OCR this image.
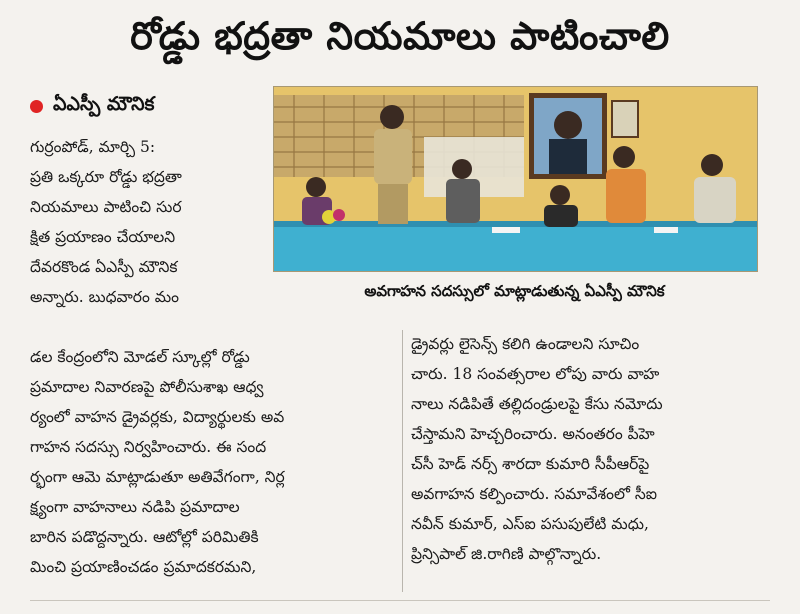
రోడ్డు భద్రతా నియమాలు పాటించాలి
ఏఎస్పీ మౌనిక
అవగాహన సదస్సులో మాట్లాడుతున్న ఏఎస్పీ మౌనిక
గుర్రంపోడ్, మార్చి 5:
ప్రతి ఒక్కరూ రోడ్డు భద్రతా
నియమాలు పాటించి సుర
క్షిత ప్రయాణం చేయాలని
దేవరకొండ ఏఎస్పీ మౌనిక
అన్నారు. బుధవారం మం
డల కేంద్రంలోని మోడల్ స్కూల్లో రోడ్డు
ప్రమాదాల నివారణపై పోలీసుశాఖ ఆధ్వ
ర్యంలో వాహన డ్రైవర్లకు, విద్యార్థులకు అవ
గాహన సదస్సు నిర్వహించారు. ఈ సంద
ర్భంగా ఆమె మాట్లాడుతూ అతివేగంగా, నిర్ల
క్ష్యంగా వాహనాలు నడిపి ప్రమాదాల
బారిన పడొద్దన్నారు. ఆటోల్లో పరిమితికి
మించి ప్రయాణించడం ప్రమాదకరమని,
డ్రైవర్లు లైసెన్స్ కలిగి ఉండాలని సూచిం
చారు. 18 సంవత్సరాల లోపు వారు వాహ
నాలు నడిపితే తల్లిదండ్రులపై కేసు నమోదు
చేస్తామని హెచ్చరించారు. అనంతరం పీహె
చ్‌సీ హెడ్ నర్స్ శారదా కుమారి సీపీఆర్‌పై
అవగాహన కల్పించారు. సమావేశంలో సీఐ
నవీన్ కుమార్, ఎస్ఐ పసుపులేటి మధు,
ప్రిన్సిపాల్ జి.రాగిణి పాల్గొన్నారు.
